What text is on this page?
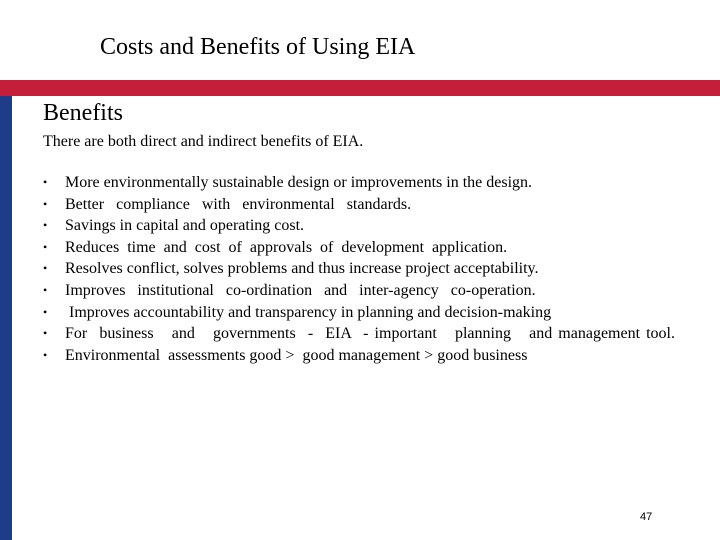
Costs and Benefits of Using EIA
Benefits
There are both direct and indirect benefits of EIA.
•	More environmentally sustainable design or improvements in the design.
•	Better   compliance   with   environmental   standards.
•	Savings in capital and operating cost.
•	Reduces  time  and  cost  of  approvals  of  development  application.
•	Resolves conflict, solves problems and thus increase project acceptability.
•	Improves   institutional   co-ordination   and   inter-agency   co-operation.
•	Improves accountability and transparency in planning and decision-making
•	For  business   and   governments  -  EIA  - important   planning   and management tool.
•	Environmental  assessments good >  good management > good business
47
